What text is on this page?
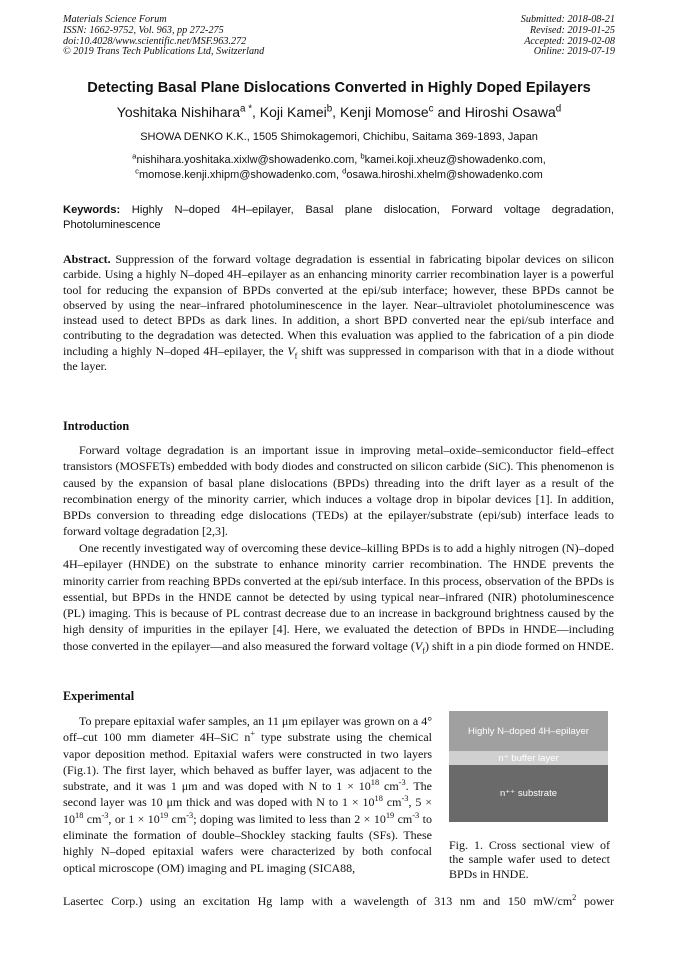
Materials Science Forum
ISSN: 1662-9752, Vol. 963, pp 272-275
doi:10.4028/www.scientific.net/MSF.963.272
© 2019 Trans Tech Publications Ltd, Switzerland
Submitted: 2018-08-21
Revised: 2019-01-25
Accepted: 2019-02-08
Online: 2019-07-19
Detecting Basal Plane Dislocations Converted in Highly Doped Epilayers
Yoshitaka Nishihara$^{a *}$, Koji Kamei$^b$, Kenji Momose$^c$ and Hiroshi Osawa$^d$
SHOWA DENKO K.K., 1505 Shimokagemori, Chichibu, Saitama 369-1893, Japan
$^a$nishihara.yoshitaka.xixlw@showadenko.com, $^b$kamei.koji.xheuz@showadenko.com,
$^c$momose.kenji.xhipm@showadenko.com, $^d$osawa.hiroshi.xhelm@showadenko.com
Keywords: Highly N–doped 4H–epilayer, Basal plane dislocation, Forward voltage degradation, Photoluminescence
Abstract. Suppression of the forward voltage degradation is essential in fabricating bipolar devices on silicon carbide. Using a highly N–doped 4H–epilayer as an enhancing minority carrier recombination layer is a powerful tool for reducing the expansion of BPDs converted at the epi/sub interface; however, these BPDs cannot be observed by using the near–infrared photoluminescence in the layer. Near–ultraviolet photoluminescence was instead used to detect BPDs as dark lines. In addition, a short BPD converted near the epi/sub interface and contributing to the degradation was detected. When this evaluation was applied to the fabrication of a pin diode including a highly N–doped 4H–epilayer, the $V_f$ shift was suppressed in comparison with that in a diode without the layer.
Introduction
Forward voltage degradation is an important issue in improving metal–oxide–semiconductor field–effect transistors (MOSFETs) embedded with body diodes and constructed on silicon carbide (SiC). This phenomenon is caused by the expansion of basal plane dislocations (BPDs) threading into the drift layer as a result of the recombination energy of the minority carrier, which induces a voltage drop in bipolar devices [1]. In addition, BPDs conversion to threading edge dislocations (TEDs) at the epilayer/substrate (epi/sub) interface leads to forward voltage degradation [2,3].
One recently investigated way of overcoming these device–killing BPDs is to add a highly nitrogen (N)–doped 4H–epilayer (HNDE) on the substrate to enhance minority carrier recombination. The HNDE prevents the minority carrier from reaching BPDs converted at the epi/sub interface. In this process, observation of the BPDs is essential, but BPDs in the HNDE cannot be detected by using typical near–infrared (NIR) photoluminescence (PL) imaging. This is because of PL contrast decrease due to an increase in background brightness caused by the high density of impurities in the epilayer [4]. Here, we evaluated the detection of BPDs in HNDE—including those converted in the epilayer—and also measured the forward voltage $(V_f)$ shift in a pin diode formed on HNDE.
Experimental
To prepare epitaxial wafer samples, an 11 μm epilayer was grown on a 4° off–cut 100 mm diameter 4H–SiC n+ type substrate using the chemical vapor deposition method. Epitaxial wafers were constructed in two layers (Fig.1). The first layer, which behaved as buffer layer, was adjacent to the substrate, and it was 1 μm and was doped with N to $1 \times 10^{18}$ $cm^{-3}$. The second layer was 10 μm thick and was doped with N to $1 \times 10^{18}$ $cm^{-3}$, $5 \times 10^{18}$ $cm^{-3}$, or $1 \times 10^{19}$ $cm^{-3}$; doping was limited to less than $2 \times 10^{19}$ $cm^{-3}$ to eliminate the formation of double–Shockley stacking faults (SFs). These highly N–doped epitaxial wafers were characterized by both confocal optical microscope (OM) imaging and PL imaging (SICA88,
Lasertec Corp.) using an excitation Hg lamp with a wavelength of 313 nm and 150 $mW/cm^2$ power
Highly N–doped 4H–epilayer
n⁺ buffer layer
n⁺⁺ substrate
Fig. 1. Cross sectional view of the sample wafer used to detect BPDs in HNDE.
